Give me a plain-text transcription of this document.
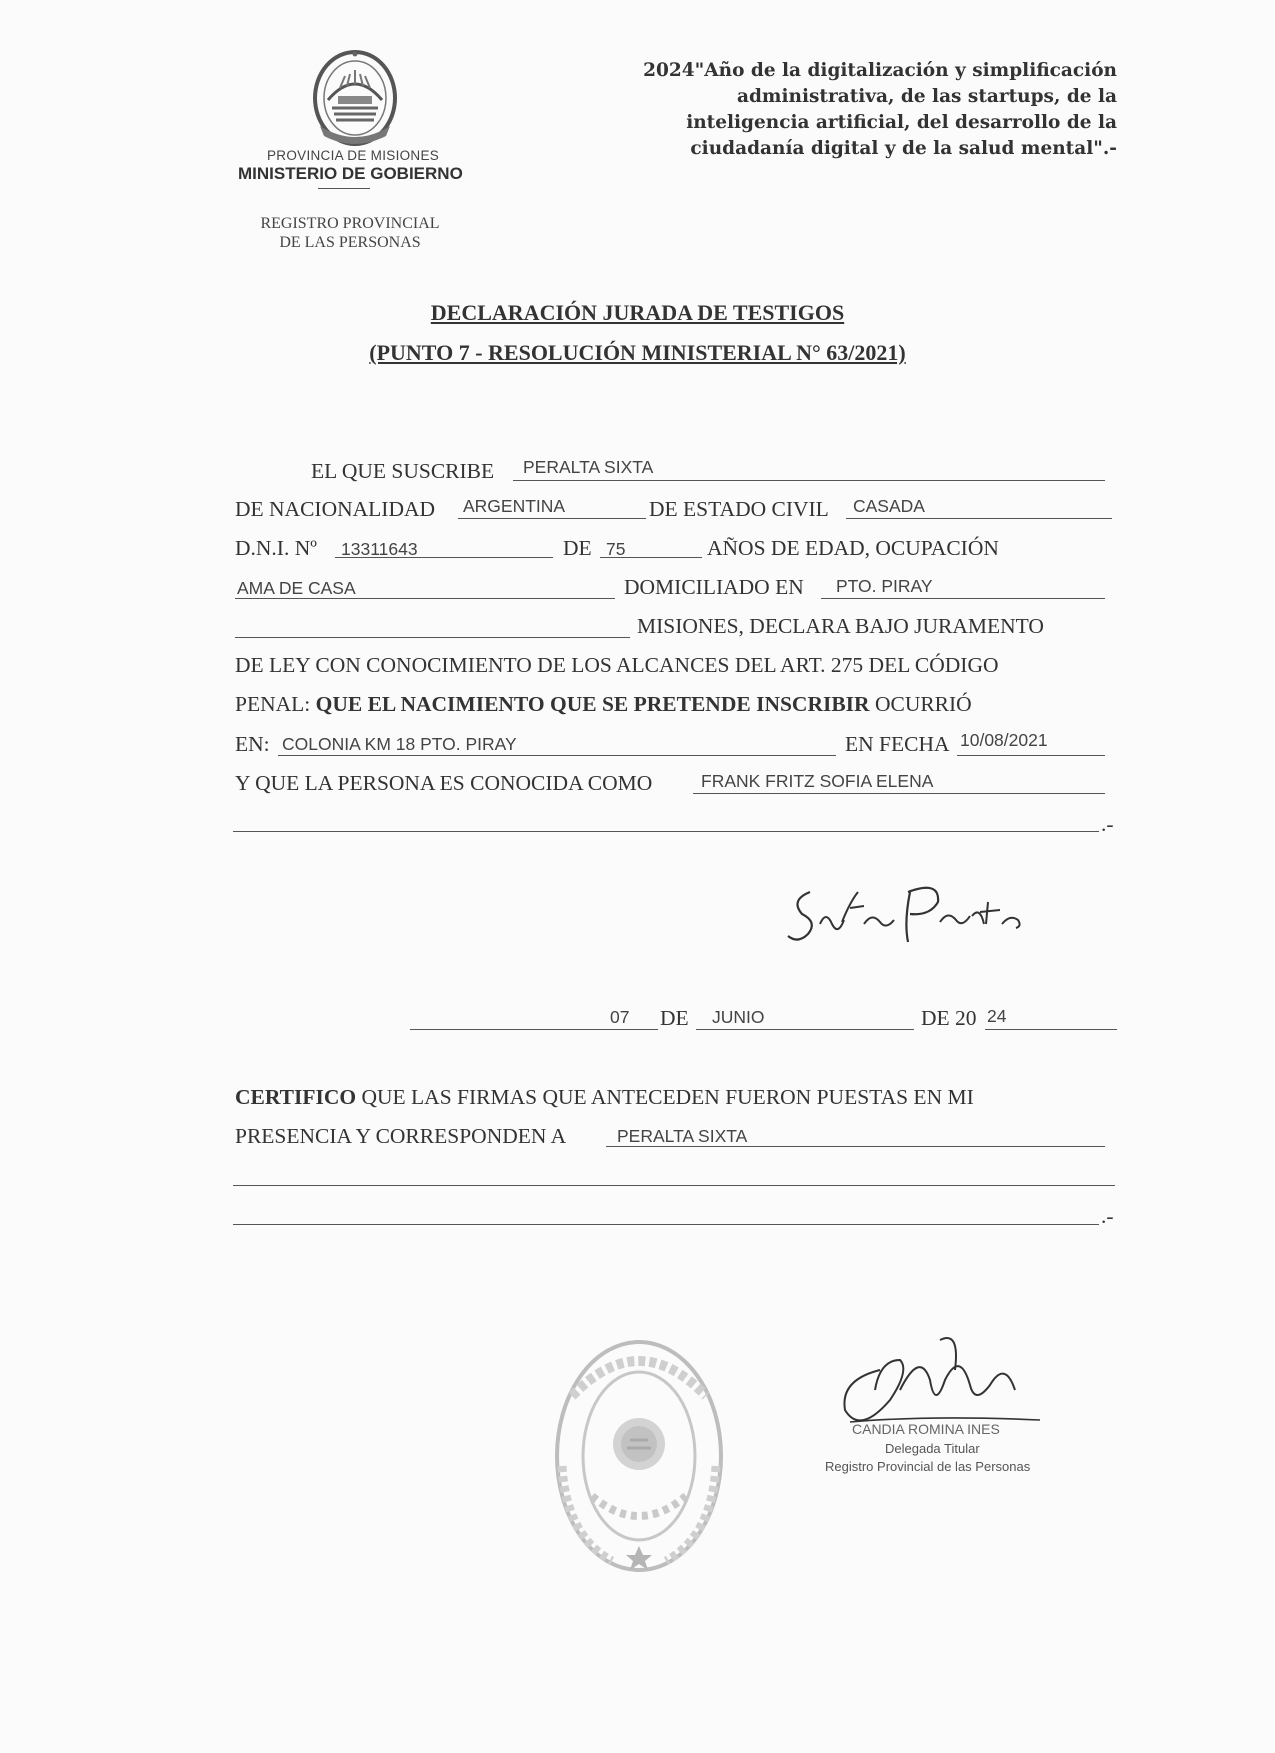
PROVINCIA DE MISIONES
MINISTERIO DE GOBIERNO
REGISTRO PROVINCIAL
DE LAS PERSONAS
2024"Año de la digitalización y simplificación
administrativa, de las startups, de la
inteligencia artificial, del desarrollo de la
ciudadanía digital y de la salud mental".-
DECLARACIÓN JURADA DE TESTIGOS
(PUNTO 7 - RESOLUCIÓN MINISTERIAL N° 63/2021)
EL QUE SUSCRIBE PERALTA SIXTA
DE NACIONALIDAD ARGENTINA	DE ESTADO CIVIL CASADA
D.N.I. Nº 13311643	DE 75	AÑOS DE EDAD, OCUPACIÓN
AMA DE CASA	DOMICILIADO EN PTO. PIRAY
MISIONES, DECLARA BAJO JURAMENTO
DE LEY CON CONOCIMIENTO DE LOS ALCANCES DEL ART. 275 DEL CÓDIGO
PENAL: QUE EL NACIMIENTO QUE SE PRETENDE INSCRIBIR OCURRIÓ
EN: COLONIA KM 18 PTO. PIRAY	EN FECHA 10/08/2021
Y QUE LA PERSONA ES CONOCIDA COMO	FRANK FRITZ SOFIA ELENA
.-
07 DE JUNIO	DE 20 24
CERTIFICO QUE LAS FIRMAS QUE ANTECEDEN FUERON PUESTAS EN MI
PRESENCIA Y CORRESPONDEN A	PERALTA SIXTA
.-
CANDIA ROMINA INES
Delegada Titular
Registro Provincial de las Personas
